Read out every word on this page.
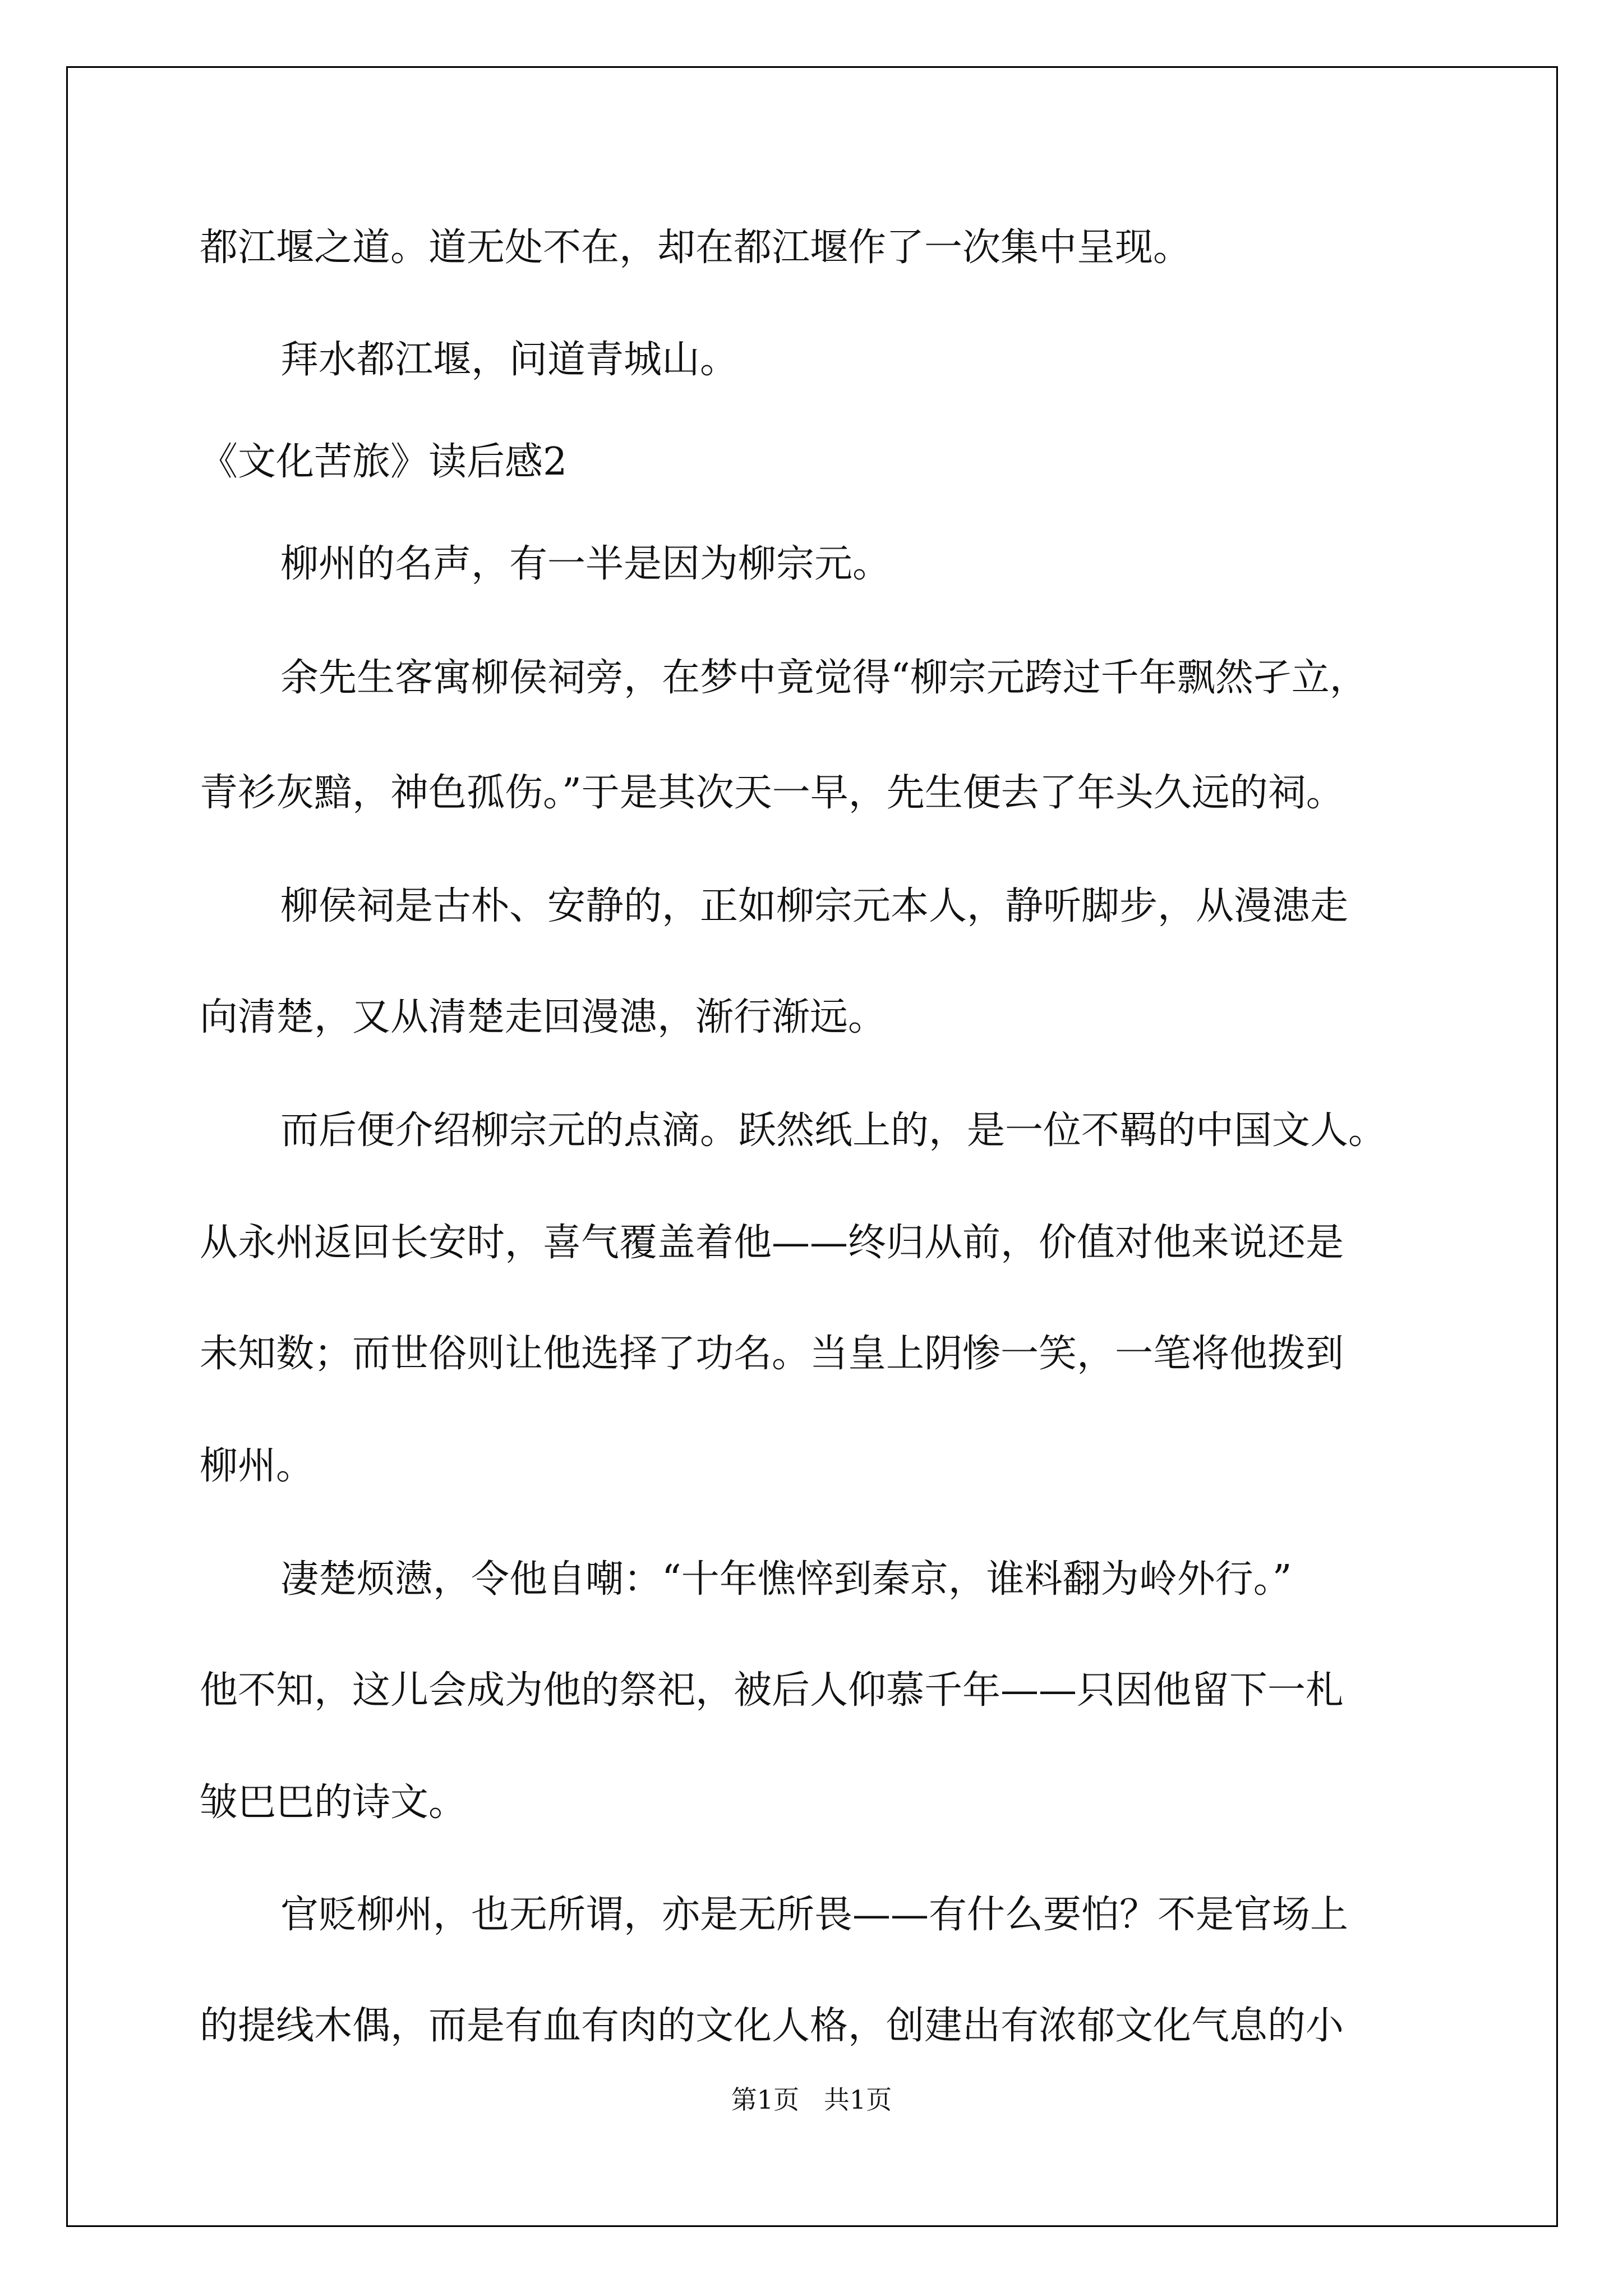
都江堰之道。道无处不在，却在都江堰作了一次集中呈现。

拜水都江堰，问道青城山。

《文化苦旅》读后感2

柳州的名声，有一半是因为柳宗元。

余先生客寓柳侯祠旁，在梦中竟觉得“柳宗元跨过千年飘然孑立，

青衫灰黯，神色孤伤。”于是其次天一早，先生便去了年头久远的祠。

柳侯祠是古朴、安静的，正如柳宗元本人，静听脚步，从漫漶走

向清楚，又从清楚走回漫漶，渐行渐远。

而后便介绍柳宗元的点滴。跃然纸上的，是一位不羁的中国文人。

从永州返回长安时，喜气覆盖着他——终归从前，价值对他来说还是

未知数；而世俗则让他选择了功名。当皇上阴惨一笑，一笔将他拨到

柳州。

凄楚烦懑，令他自嘲：“十年憔悴到秦京，谁料翻为岭外行。”

他不知，这儿会成为他的祭祀，被后人仰慕千年——只因他留下一札

皱巴巴的诗文。

官贬柳州，也无所谓，亦是无所畏——有什么要怕？不是官场上

的提线木偶，而是有血有肉的文化人格，创建出有浓郁文化气息的小

第1页   共1页
